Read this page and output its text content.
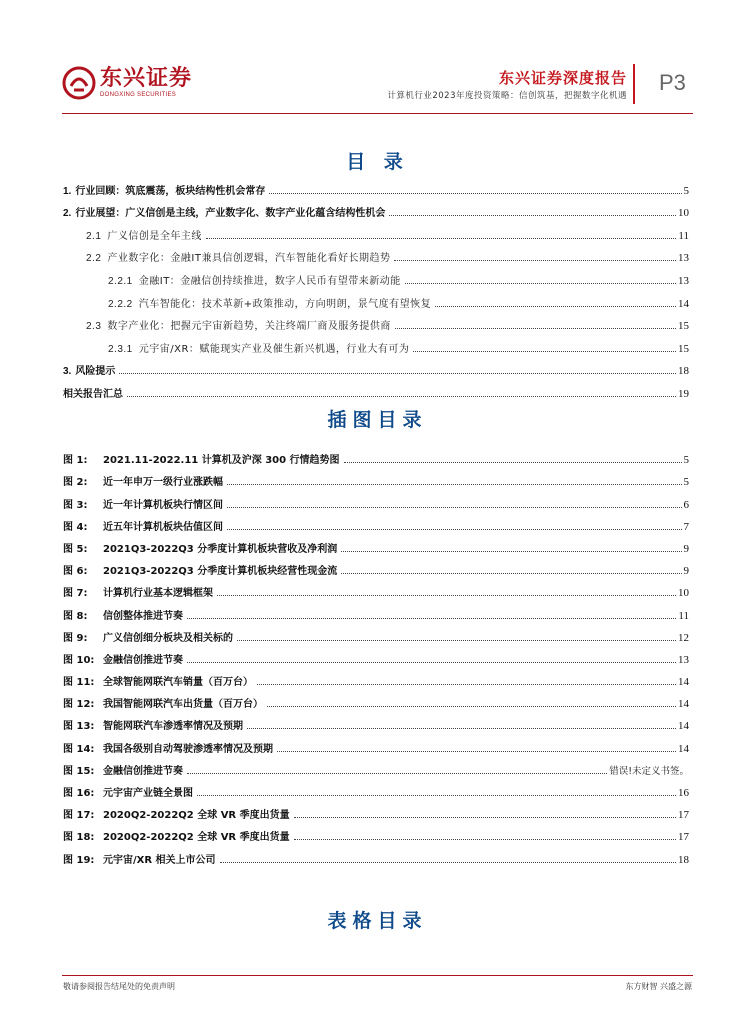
东兴证券
DONGXING SECURITIES
东兴证券深度报告
计算机行业2023年度投资策略：信创筑基，把握数字化机遇
P3
目 录
1. 行业回顾：筑底震荡，板块结构性机会常存	5
2. 行业展望：广义信创是主线，产业数字化、数字产业化蕴含结构性机会	10
2.1 广义信创是全年主线	11
2.2 产业数字化：金融IT兼具信创逻辑，汽车智能化看好长期趋势	13
2.2.1 金融IT：金融信创持续推进，数字人民币有望带来新动能	13
2.2.2 汽车智能化：技术革新+政策推动，方向明朗，景气度有望恢复	14
2.3 数字产业化：把握元宇宙新趋势，关注终端厂商及服务提供商	15
2.3.1 元宇宙/XR：赋能现实产业及催生新兴机遇，行业大有可为	15
3. 风险提示	18
相关报告汇总	19
插图目录
图 1: 2021.11-2022.11 计算机及沪深 300 行情趋势图	5
图 2: 近一年申万一级行业涨跌幅	5
图 3: 近一年计算机板块行情区间	6
图 4: 近五年计算机板块估值区间	7
图 5: 2021Q3-2022Q3 分季度计算机板块营收及净利润	9
图 6: 2021Q3-2022Q3 分季度计算机板块经营性现金流	9
图 7: 计算机行业基本逻辑框架	10
图 8: 信创整体推进节奏	11
图 9: 广义信创细分板块及相关标的	12
图 10: 金融信创推进节奏	13
图 11: 全球智能网联汽车销量（百万台）	14
图 12: 我国智能网联汽车出货量（百万台）	14
图 13: 智能网联汽车渗透率情况及预期	14
图 14: 我国各级别自动驾驶渗透率情况及预期	14
图 15: 金融信创推进节奏	错误!未定义书签。
图 16: 元宇宙产业链全景图	16
图 17: 2020Q2-2022Q2 全球 VR 季度出货量	17
图 18: 2020Q2-2022Q2 全球 VR 季度出货量	17
图 19: 元宇宙/XR 相关上市公司	18
表格目录
敬请参阅报告结尾处的免责声明	东方财智 兴盛之源
